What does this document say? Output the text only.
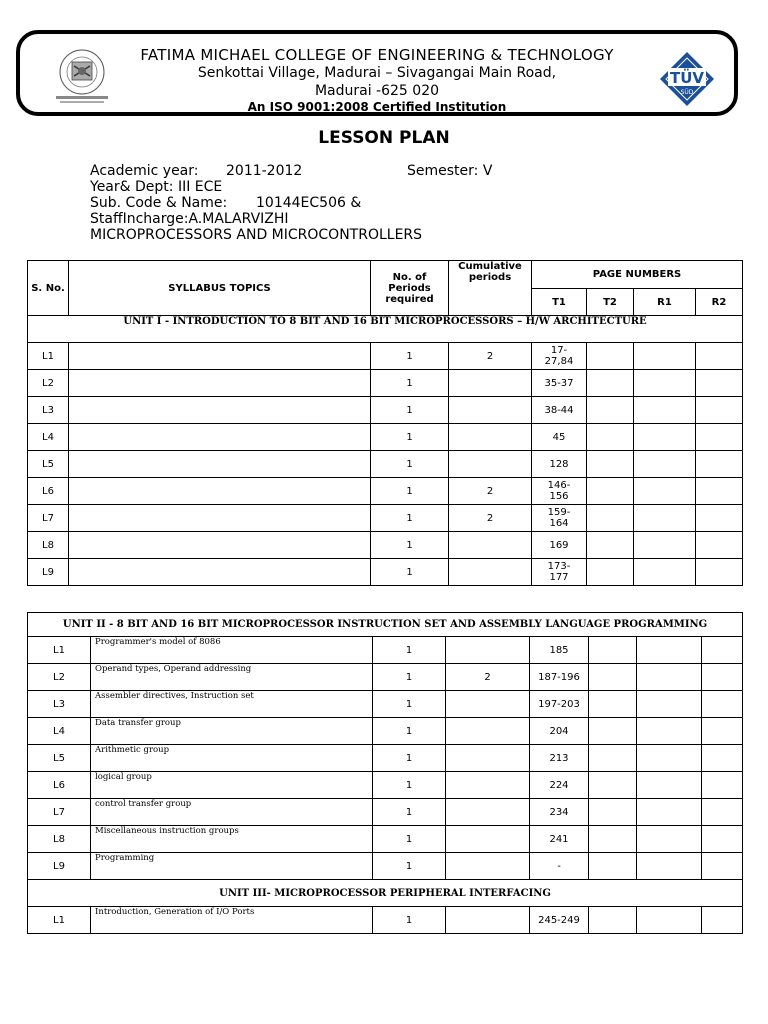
FATIMA MICHAEL COLLEGE OF ENGINEERING & TECHNOLOGY
Senkottai Village, Madurai – Sivagangai Main Road,
Madurai -625 020
An ISO 9001:2008 Certified Institution
TÜV
SÜD
LESSON PLAN
Academic year: 2011-2012	Semester: V
Year& Dept: III ECE
Sub. Code & Name: 10144EC506 &
StaffIncharge:A.MALARVIZHI
MICROPROCESSORS AND MICROCONTROLLERS
S. No.	SYLLABUS TOPICS	No. of Periods required	Cumulative periods	PAGE NUMBERS			
				T1	T2	R1	R2
UNIT I - INTRODUCTION TO 8 BIT AND 16 BIT MICROPROCESSORS – H/W ARCHITECTURE							
L1		1	2	17-
27,84			
L2		1		35-37			
L3		1		38-44			
L4		1		45			
L5		1		128			
L6		1	2	146-
156			
L7		1	2	159-
164			
L8		1		169			
L9		1		173-
177			
UNIT II - 8 BIT AND 16 BIT MICROPROCESSOR INSTRUCTION SET AND ASSEMBLY LANGUAGE PROGRAMMING							
L1	Programmer's model of 8086	1		185			
L2	Operand types, Operand addressing	1	2	187-196			
L3	Assembler directives, Instruction set	1		197-203			
L4	Data transfer group	1		204			
L5	Arithmetic group	1		213			
L6	logical group	1		224			
L7	control transfer group	1		234			
L8	Miscellaneous instruction groups	1		241			
L9	Programming	1		-			
UNIT III- MICROPROCESSOR PERIPHERAL INTERFACING							
L1	Introduction, Generation of I/O Ports	1		245-249			
